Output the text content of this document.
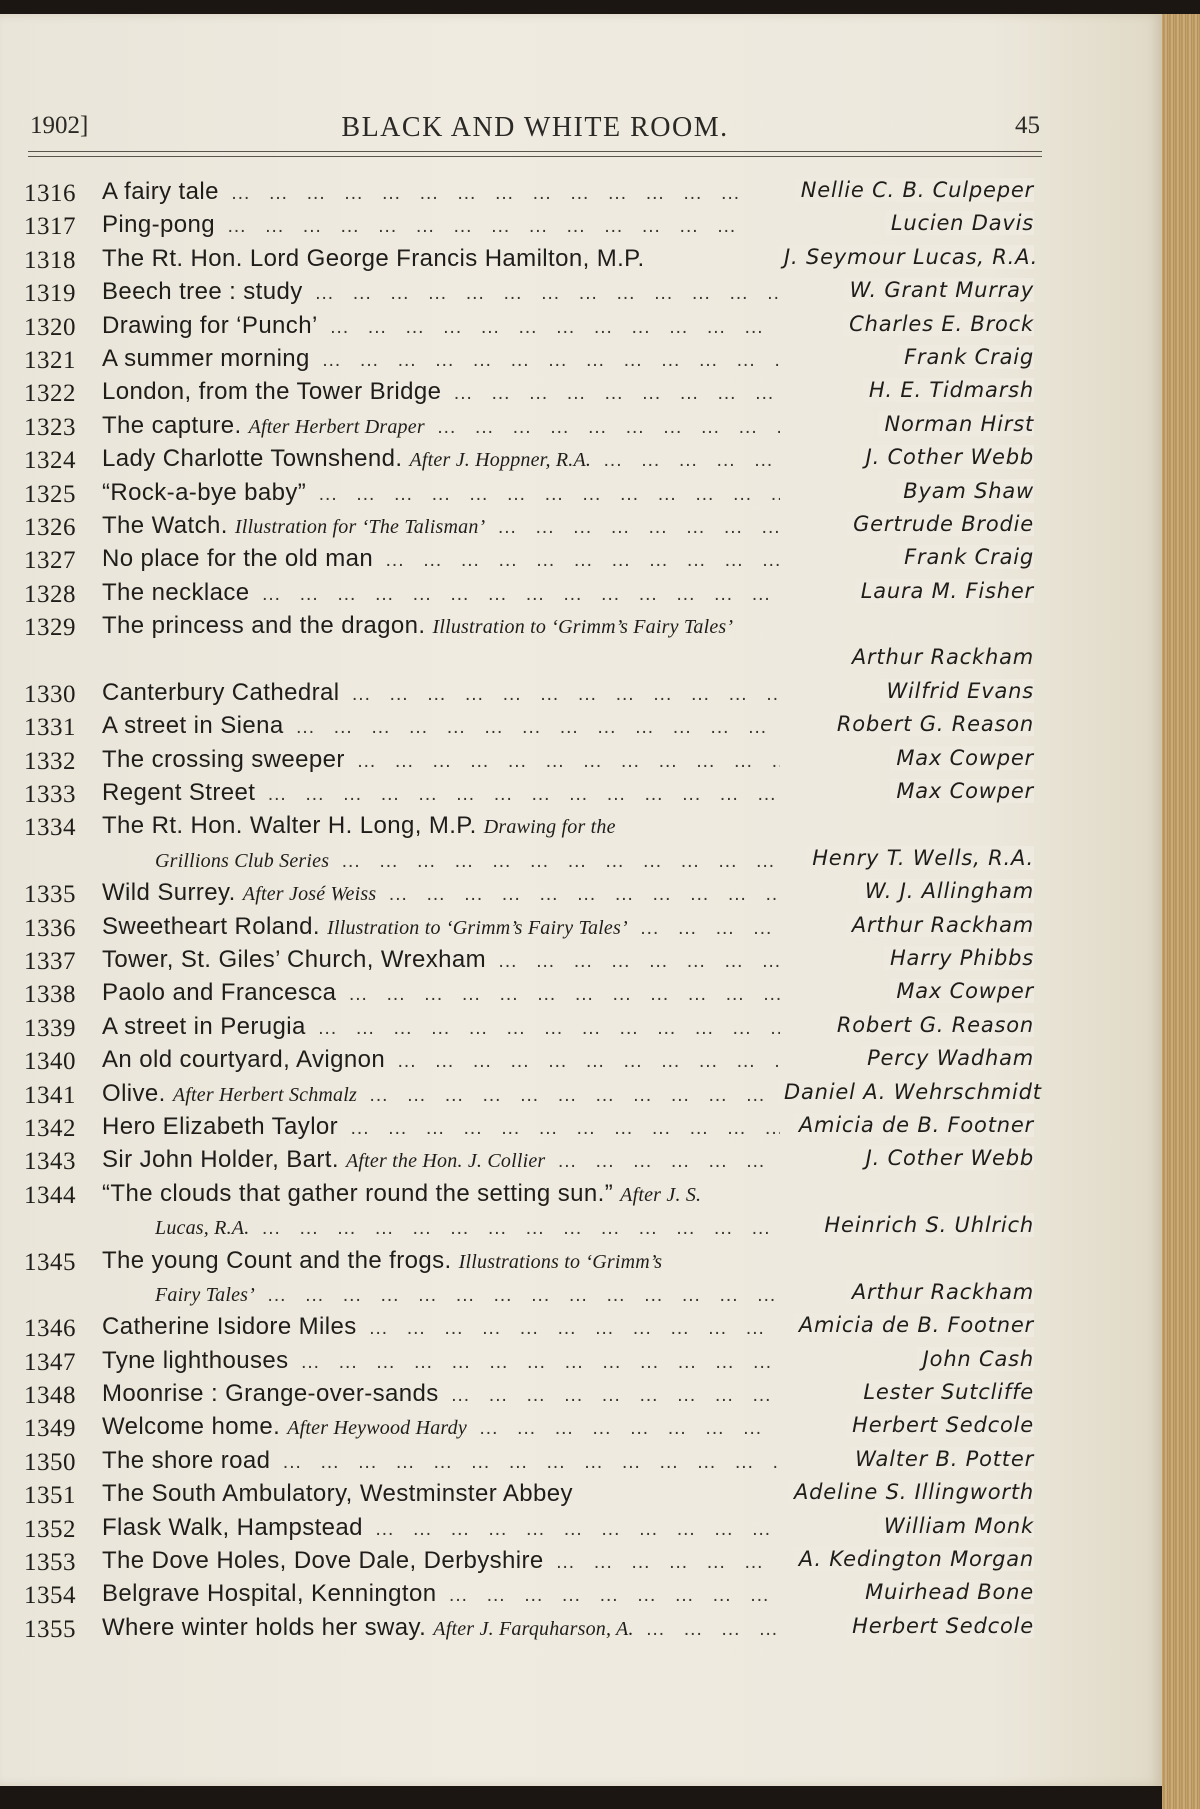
BLACK AND WHITE ROOM.
1902]	45
1316	A fairy tale ...	Nellie C. B. Culpeper
1317	Ping-pong ...	Lucien Davis
1318	The Rt. Hon. Lord George Francis Hamilton, M.P.	J. Seymour Lucas, R.A.
1319	Beech tree : study ...	W. Grant Murray
1320	Drawing for ‘Punch’ ...	Charles E. Brock
1321	A summer morning ...	Frank Craig
1322	London, from the Tower Bridge ...	H. E. Tidmarsh
1323	The capture. After Herbert Draper ...	Norman Hirst
1324	Lady Charlotte Townshend. After J. Hoppner, R.A. ...	J. Cother Webb
1325	“Rock-a-bye baby” ...	Byam Shaw
1326	The Watch. Illustration for ‘The Talisman’ ...	Gertrude Brodie
1327	No place for the old man ...	Frank Craig
1328	The necklace ...	Laura M. Fisher
1329	The princess and the dragon. Illustration to ‘Grimm’s Fairy Tales’
Arthur Rackham
1330	Canterbury Cathedral ...	Wilfrid Evans
1331	A street in Siena ...	Robert G. Reason
1332	The crossing sweeper ...	Max Cowper
1333	Regent Street ...	Max Cowper
1334	The Rt. Hon. Walter H. Long, M.P. Drawing for the
Grillions Club Series ...	Henry T. Wells, R.A.
1335	Wild Surrey. After José Weiss ...	W. J. Allingham
1336	Sweetheart Roland. Illustration to ‘Grimm’s Fairy Tales’ ...	Arthur Rackham
1337	Tower, St. Giles’ Church, Wrexham ...	Harry Phibbs
1338	Paolo and Francesca ...	Max Cowper
1339	A street in Perugia ...	Robert G. Reason
1340	An old courtyard, Avignon ...	Percy Wadham
1341	Olive. After Herbert Schmalz ...	Daniel A. Wehrschmidt
1342	Hero Elizabeth Taylor ...	Amicia de B. Footner
1343	Sir John Holder, Bart. After the Hon. J. Collier ...	J. Cother Webb
1344	“The clouds that gather round the setting sun.” After J. S.
Lucas, R.A. ...	Heinrich S. Uhlrich
1345	The young Count and the frogs. Illustrations to ‘Grimm’s
Fairy Tales’ ...	Arthur Rackham
1346	Catherine Isidore Miles ...	Amicia de B. Footner
1347	Tyne lighthouses ...	John Cash
1348	Moonrise : Grange-over-sands ...	Lester Sutcliffe
1349	Welcome home. After Heywood Hardy ...	Herbert Sedcole
1350	The shore road ...	Walter B. Potter
1351	The South Ambulatory, Westminster Abbey	Adeline S. Illingworth
1352	Flask Walk, Hampstead ...	William Monk
1353	The Dove Holes, Dove Dale, Derbyshire ...	A. Kedington Morgan
1354	Belgrave Hospital, Kennington ...	Muirhead Bone
1355	Where winter holds her sway. After J. Farquharson, A. ...	Herbert Sedcole
